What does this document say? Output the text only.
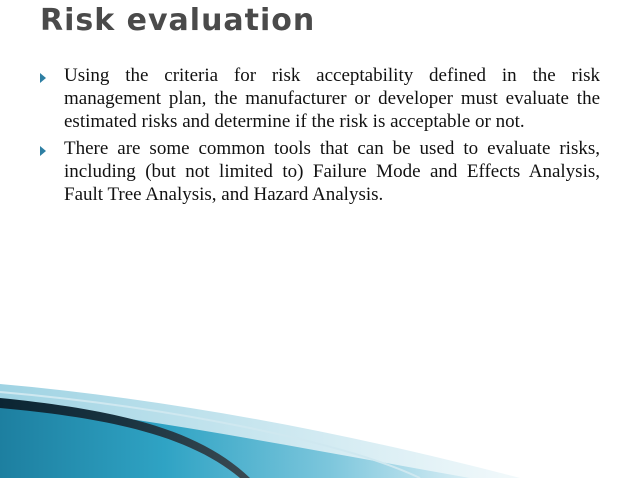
Risk evaluation
Using the criteria for risk acceptability defined in the risk management plan, the manufacturer or developer must evaluate the estimated risks and determine if the risk is acceptable or not.
There are some common tools that can be used to evaluate risks, including (but not limited to) Failure Mode and Effects Analysis, Fault Tree Analysis, and Hazard Analysis.
